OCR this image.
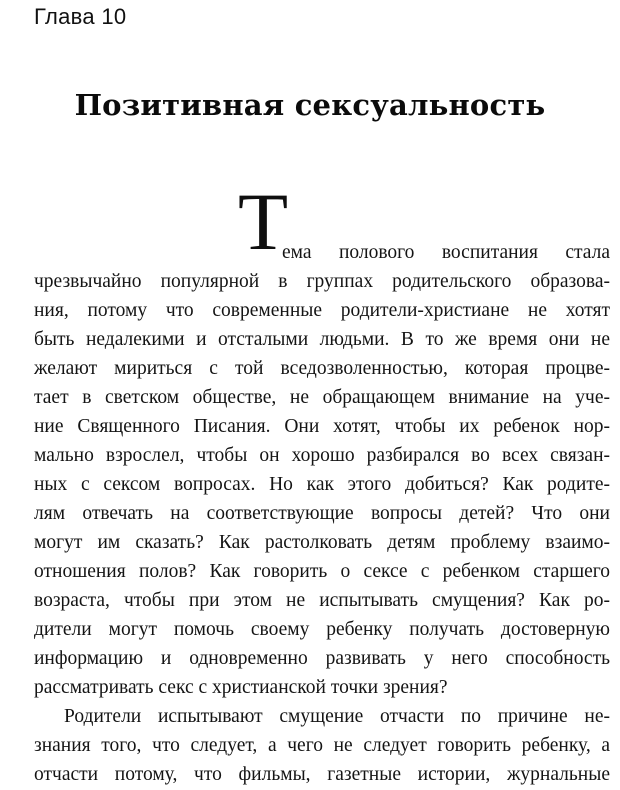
Глава 10
Позитивная сексуальность
Т
ема полового воспитания стала
чрезвычайно популярной в группах родительского образова-
ния, потому что современные родители-христиане не хотят
быть недалекими и отсталыми людьми. В то же время они не
желают мириться с той вседозволенностью, которая процве-
тает в светском обществе, не обращающем внимание на уче-
ние Священного Писания. Они хотят, чтобы их ребенок нор-
мально взрослел, чтобы он хорошо разбирался во всех связан-
ных с сексом вопросах. Но как этого добиться? Как родите-
лям отвечать на соответствующие вопросы детей? Что они
могут им сказать? Как растолковать детям проблему взаимо-
отношения полов? Как говорить о сексе с ребенком старшего
возраста, чтобы при этом не испытывать смущения? Как ро-
дители могут помочь своему ребенку получать достоверную
информацию и одновременно развивать у него способность
рассматривать секс с христианской точки зрения?
Родители испытывают смущение отчасти по причине не-
знания того, что следует, а чего не следует говорить ребенку, а
отчасти потому, что фильмы, газетные истории, журнальные
